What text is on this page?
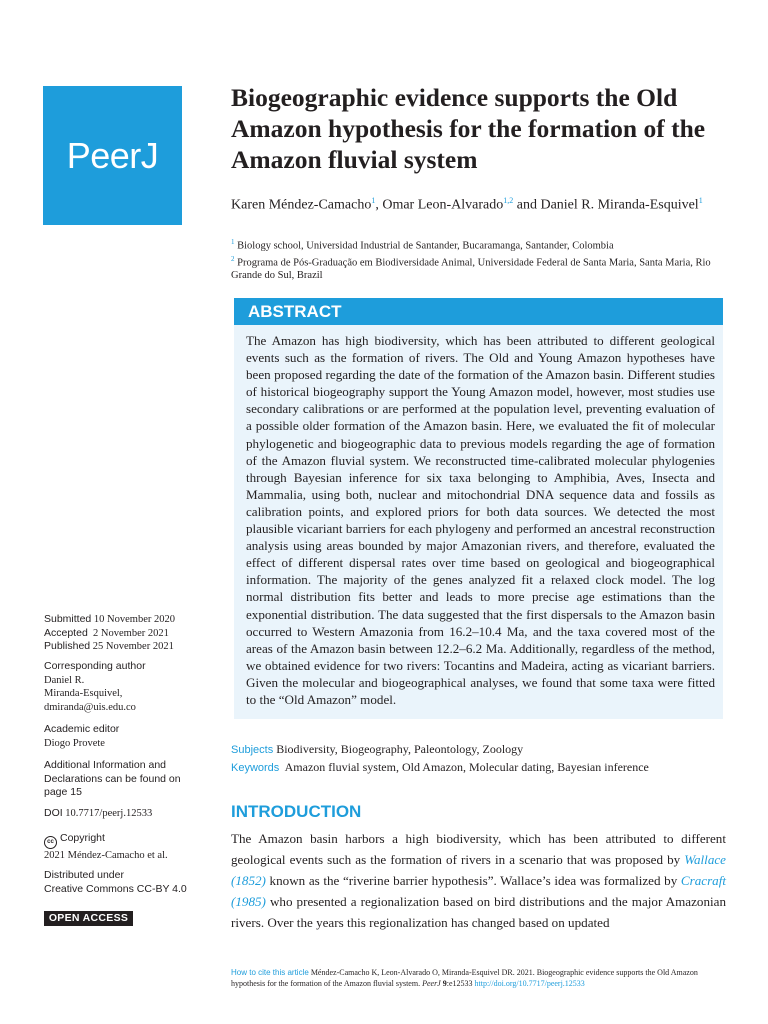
PeerJ
Biogeographic evidence supports the Old Amazon hypothesis for the formation of the Amazon fluvial system
Karen Méndez-Camacho$^1$, Omar Leon-Alvarado$^{1,2}$ and Daniel R. Miranda-Esquivel$^1$
$^1$ Biology school, Universidad Industrial de Santander, Bucaramanga, Santander, Colombia
$^2$ Programa de Pós-Graduação em Biodiversidade Animal, Universidade Federal de Santa Maria, Santa Maria, Rio Grande do Sul, Brazil
ABSTRACT
The Amazon has high biodiversity, which has been attributed to different geological events such as the formation of rivers. The Old and Young Amazon hypotheses have been proposed regarding the date of the formation of the Amazon basin. Different studies of historical biogeography support the Young Amazon model, however, most studies use secondary calibrations or are performed at the population level, preventing evaluation of a possible older formation of the Amazon basin. Here, we evaluated the fit of molecular phylogenetic and biogeographic data to previous models regarding the age of formation of the Amazon fluvial system. We reconstructed time-calibrated molecular phylogenies through Bayesian inference for six taxa belonging to Amphibia, Aves, Insecta and Mammalia, using both, nuclear and mitochondrial DNA sequence data and fossils as calibration points, and explored priors for both data sources. We detected the most plausible vicariant barriers for each phylogeny and performed an ancestral reconstruction analysis using areas bounded by major Amazonian rivers, and therefore, evaluated the effect of different dispersal rates over time based on geological and biogeographical information. The majority of the genes analyzed fit a relaxed clock model. The log normal distribution fits better and leads to more precise age estimations than the exponential distribution. The data suggested that the first dispersals to the Amazon basin occurred to Western Amazonia from 16.2–10.4 Ma, and the taxa covered most of the areas of the Amazon basin between 12.2–6.2 Ma. Additionally, regardless of the method, we obtained evidence for two rivers: Tocantins and Madeira, acting as vicariant barriers. Given the molecular and biogeographical analyses, we found that some taxa were fitted to the “Old Amazon” model.
Subjects Biodiversity, Biogeography, Paleontology, Zoology
Keywords Amazon fluvial system, Old Amazon, Molecular dating, Bayesian inference
INTRODUCTION
The Amazon basin harbors a high biodiversity, which has been attributed to different geological events such as the formation of rivers in a scenario that was proposed by Wallace (1852) known as the “riverine barrier hypothesis”. Wallace’s idea was formalized by Cracraft (1985) who presented a regionalization based on bird distributions and the major Amazonian rivers. Over the years this regionalization has changed based on updated
Submitted 10 November 2020
Accepted 2 November 2021
Published 25 November 2021
Corresponding author
Daniel R.
Miranda-Esquivel,
dmiranda@uis.edu.co
Academic editor
Diogo Provete
Additional Information and
Declarations can be found on
page 15
DOI 10.7717/peerj.12533
cc Copyright
2021 Méndez-Camacho et al.
Distributed under
Creative Commons CC-BY 4.0
OPEN ACCESS
How to cite this article Méndez-Camacho K, Leon-Alvarado O, Miranda-Esquivel DR. 2021. Biogeographic evidence supports the Old Amazon hypothesis for the formation of the Amazon fluvial system. PeerJ 9:e12533 http://doi.org/10.7717/peerj.12533
